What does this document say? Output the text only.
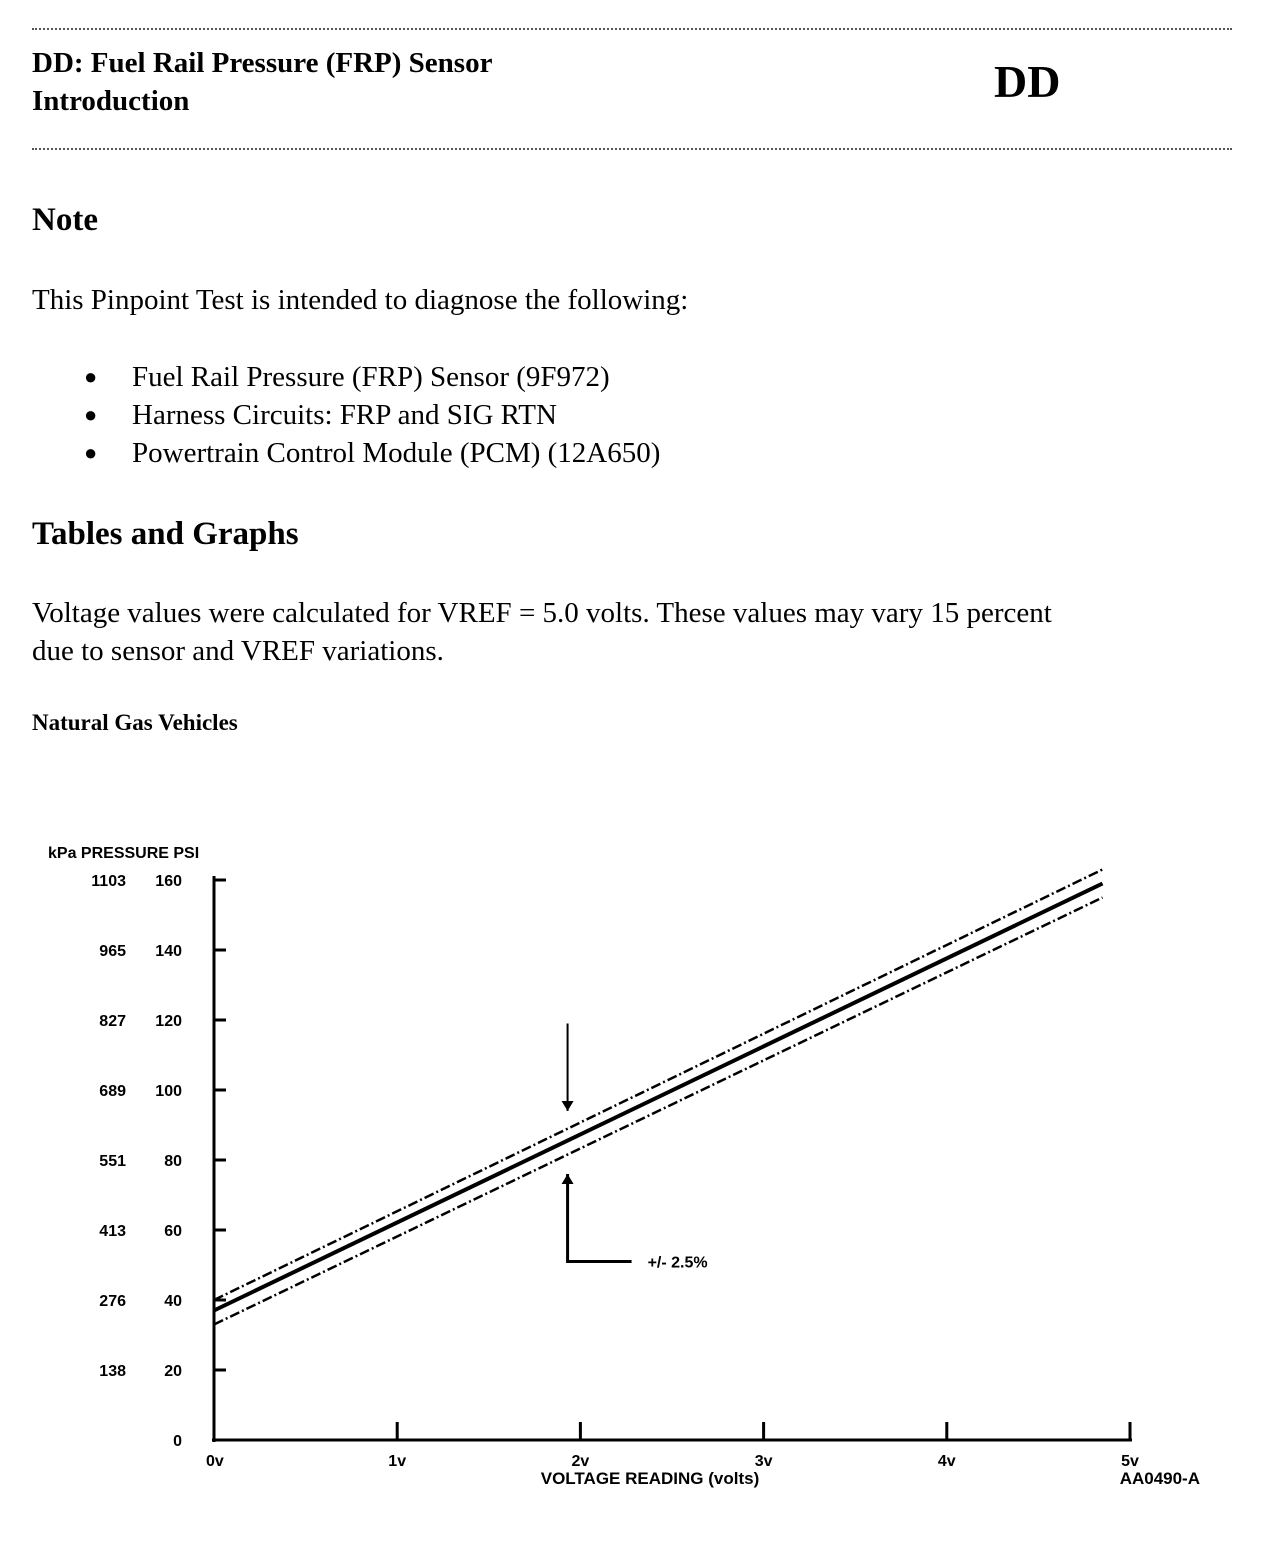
DD: Fuel Rail Pressure (FRP) Sensor
Introduction	DD
Note
This Pinpoint Test is intended to diagnose the following:
● Fuel Rail Pressure (FRP) Sensor (9F972)
● Harness Circuits: FRP and SIG RTN
● Powertrain Control Module (PCM) (12A650)
Tables and Graphs
Voltage values were calculated for VREF = 5.0 volts. These values may vary 15 percent
due to sensor and VREF variations.
Natural Gas Vehicles
0
20
138
40
276
60
413
80
551
100
689
120
827
140
965
160
1103
0v	1v	2v	3v	4v	5v
kPa PRESSURE PSI
VOLTAGE READING (volts)	AA0490-A
+/- 2.5%
